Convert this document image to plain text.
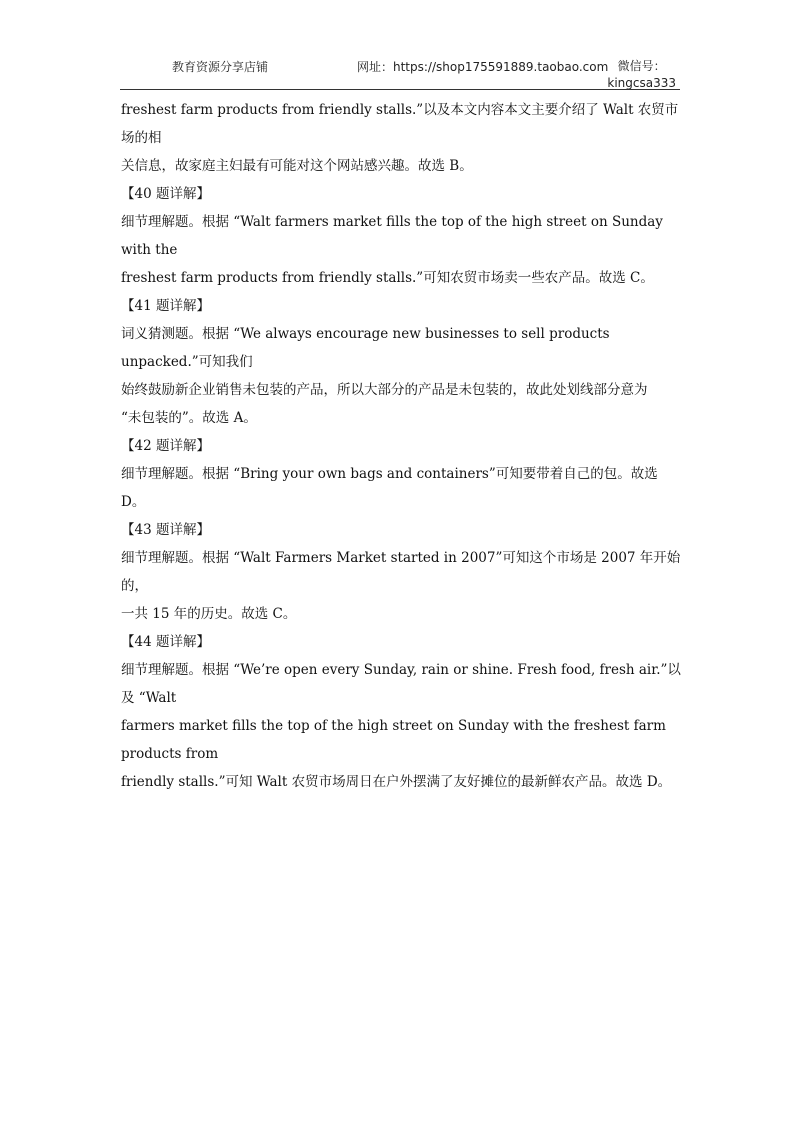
教育资源分享店铺	网址：https://shop175591889.taobao.com 微信号：
kingcsa333

freshest farm products from friendly stalls.”以及本文内容本文主要介绍了 Walt 农贸市场的相

关信息，故家庭主妇最有可能对这个网站感兴趣。故选 B。

【40 题详解】

细节理解题。根据 “Walt farmers market fills the top of the high street on Sunday with the

freshest farm products from friendly stalls.”可知农贸市场卖一些农产品。故选 C。

【41 题详解】

词义猜测题。根据 “We always encourage new businesses to sell products unpacked.”可知我们

始终鼓励新企业销售未包装的产品，所以大部分的产品是未包装的，故此处划线部分意为

“未包装的”。故选 A。

【42 题详解】

细节理解题。根据 “Bring your own bags and containers”可知要带着自己的包。故选 D。

【43 题详解】

细节理解题。根据 “Walt Farmers Market started in 2007”可知这个市场是 2007 年开始的，

一共 15 年的历史。故选 C。

【44 题详解】

细节理解题。根据 “We’re open every Sunday, rain or shine. Fresh food, fresh air.”以及 “Walt

farmers market fills the top of the high street on Sunday with the freshest farm products from

friendly stalls.”可知 Walt 农贸市场周日在户外摆满了友好摊位的最新鲜农产品。故选 D。
